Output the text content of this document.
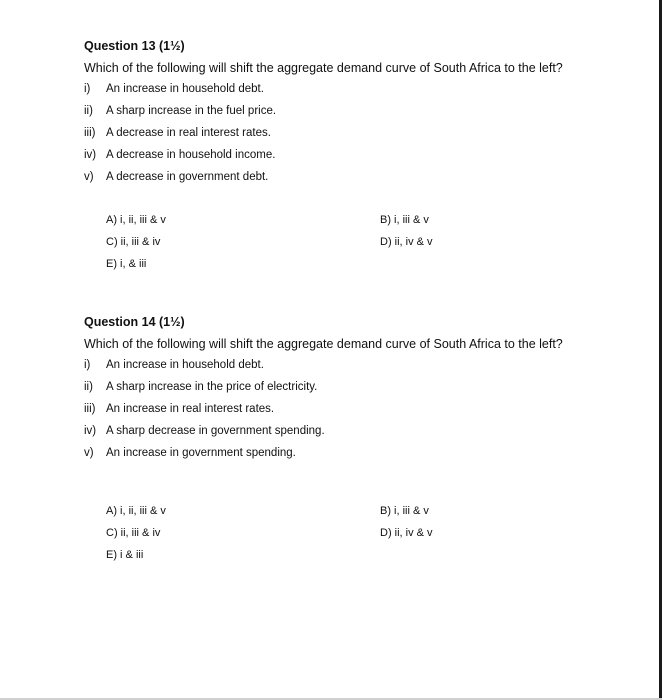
Question 13 (1½)
Which of the following will shift the aggregate demand curve of South Africa to the left?
i)	An increase in household debt.
ii)	A sharp increase in the fuel price.
iii) A decrease in real interest rates.
iv) A decrease in household income.
v)	A decrease in government debt.
A) i, ii, iii & v	B) i, iii & v
C) ii, iii & iv	D) ii, iv & v
E) i, & iii
Question 14 (1½)
Which of the following will shift the aggregate demand curve of South Africa to the left?
i)	An increase in household debt.
ii)	A sharp increase in the price of electricity.
iii) An increase in real interest rates.
iv) A sharp decrease in government spending.
v)	An increase in government spending.
A) i, ii, iii & v	B) i, iii & v
C) ii, iii & iv	D) ii, iv & v
E) i & iii
